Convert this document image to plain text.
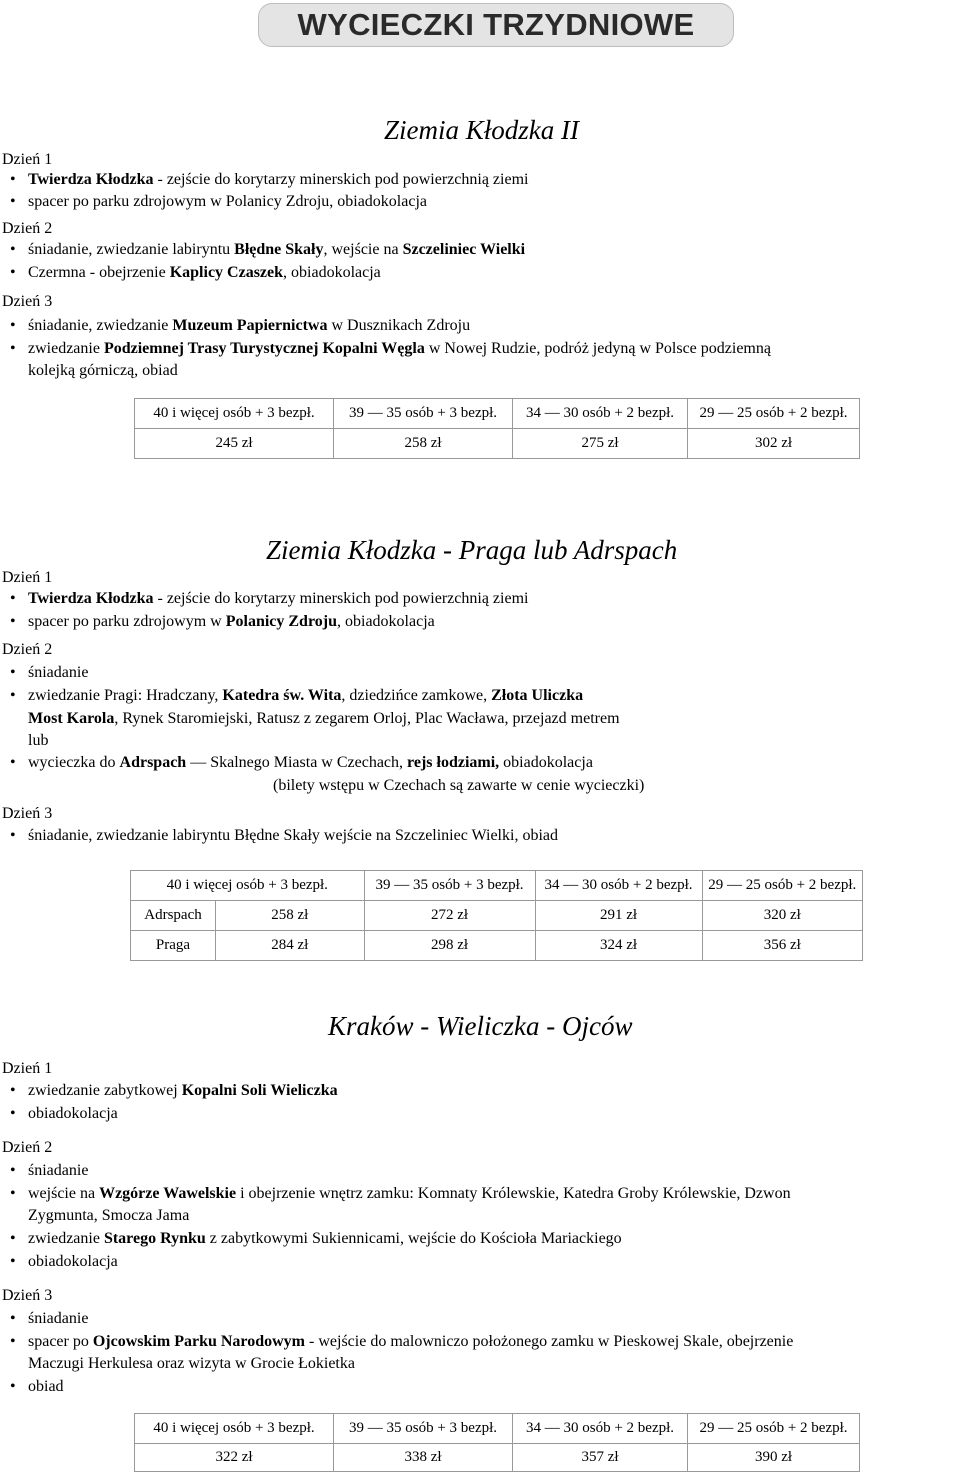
WYCIECZKI TRZYDNIOWE
Ziemia Kłodzka II
Dzień 1
• Twierdza Kłodzka - zejście do korytarzy minerskich pod powierzchnią ziemi
• spacer po parku zdrojowym w Polanicy Zdroju, obiadokolacja
Dzień 2
• śniadanie, zwiedzanie labiryntu Błędne Skały, wejście na Szczeliniec Wielki
• Czermna - obejrzenie Kaplicy Czaszek, obiadokolacja
Dzień 3
• śniadanie, zwiedzanie Muzeum Papiernictwa w Dusznikach Zdroju
• zwiedzanie Podziemnej Trasy Turystycznej Kopalni Węgla w Nowej Rudzie, podróż jedyną w Polsce podziemną
kolejką górniczą, obiad
40 i więcej osób + 3 bezpł.	39 — 35 osób + 3 bezpł.	34 — 30 osób + 2 bezpł.	29 — 25 osób + 2 bezpł.
245 zł	258 zł	275 zł	302 zł
Ziemia Kłodzka - Praga lub Adrspach
Dzień 1
• Twierdza Kłodzka - zejście do korytarzy minerskich pod powierzchnią ziemi
• spacer po parku zdrojowym w Polanicy Zdroju, obiadokolacja
Dzień 2
• śniadanie
• zwiedzanie Pragi: Hradczany, Katedra św. Wita, dziedzińce zamkowe, Złota Uliczka
Most Karola, Rynek Staromiejski, Ratusz z zegarem Orloj, Plac Wacława, przejazd metrem
lub
• wycieczka do Adrspach — Skalnego Miasta w Czechach, rejs łodziami, obiadokolacja
(bilety wstępu w Czechach są zawarte w cenie wycieczki)
Dzień 3
• śniadanie, zwiedzanie labiryntu Błędne Skały wejście na Szczeliniec Wielki, obiad
40 i więcej osób + 3 bezpł.		39 — 35 osób + 3 bezpł.	34 — 30 osób + 2 bezpł.	29 — 25 osób + 2 bezpł.
Adrspach	258 zł	272 zł	291 zł	320 zł
Praga	284 zł	298 zł	324 zł	356 zł
Kraków - Wieliczka - Ojców
Dzień 1
• zwiedzanie zabytkowej Kopalni Soli Wieliczka
• obiadokolacja
Dzień 2
• śniadanie
• wejście na Wzgórze Wawelskie i obejrzenie wnętrz zamku: Komnaty Królewskie, Katedra Groby Królewskie, Dzwon
Zygmunta, Smocza Jama
• zwiedzanie Starego Rynku z zabytkowymi Sukiennicami, wejście do Kościoła Mariackiego
• obiadokolacja
Dzień 3
• śniadanie
• spacer po Ojcowskim Parku Narodowym - wejście do malowniczo położonego zamku w Pieskowej Skale, obejrzenie
Maczugi Herkulesa oraz wizyta w Grocie Łokietka
• obiad
40 i więcej osób + 3 bezpł.	39 — 35 osób + 3 bezpł.	34 — 30 osób + 2 bezpł.	29 — 25 osób + 2 bezpł.
322 zł	338 zł	357 zł	390 zł
